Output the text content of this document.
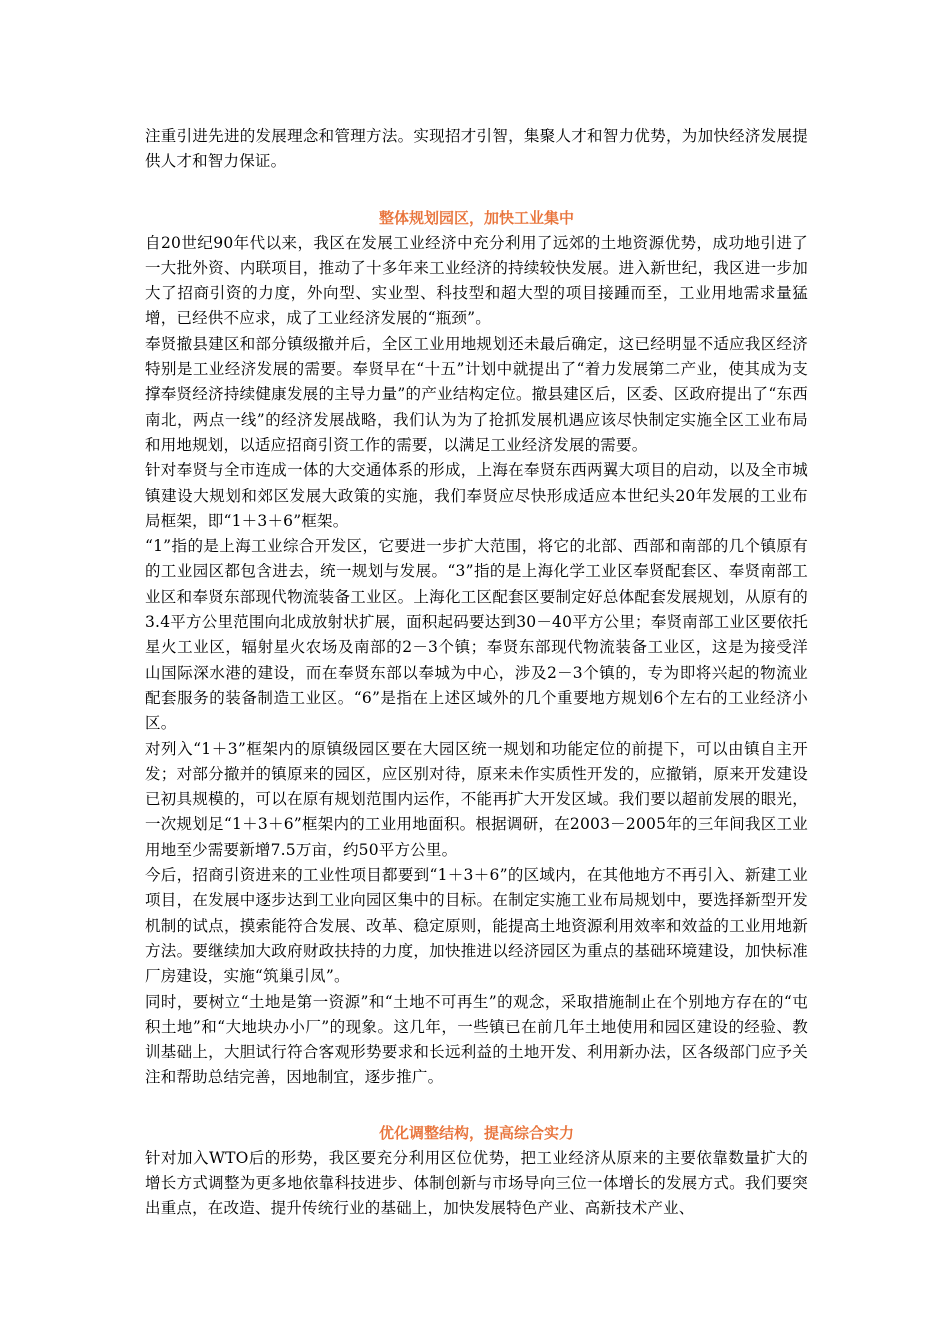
注重引进先进的发展理念和管理方法。实现招才引智，集聚人才和智力优势，为加快经济发展提供人才和智力保证。

整体规划园区，加快工业集中

自20世纪90年代以来，我区在发展工业经济中充分利用了远郊的土地资源优势，成功地引进了一大批外资、内联项目，推动了十多年来工业经济的持续较快发展。进入新世纪，我区进一步加大了招商引资的力度，外向型、实业型、科技型和超大型的项目接踵而至，工业用地需求量猛增，已经供不应求，成了工业经济发展的“瓶颈”。

奉贤撤县建区和部分镇级撤并后，全区工业用地规划还未最后确定，这已经明显不适应我区经济特别是工业经济发展的需要。奉贤早在“十五”计划中就提出了“着力发展第二产业，使其成为支撑奉贤经济持续健康发展的主导力量”的产业结构定位。撤县建区后，区委、区政府提出了“东西南北，两点一线”的经济发展战略，我们认为为了抢抓发展机遇应该尽快制定实施全区工业布局和用地规划，以适应招商引资工作的需要，以满足工业经济发展的需要。

针对奉贤与全市连成一体的大交通体系的形成，上海在奉贤东西两翼大项目的启动，以及全市城镇建设大规划和郊区发展大政策的实施，我们奉贤应尽快形成适应本世纪头20年发展的工业布局框架，即“1＋3＋6”框架。

“1”指的是上海工业综合开发区，它要进一步扩大范围，将它的北部、西部和南部的几个镇原有的工业园区都包含进去，统一规划与发展。“3”指的是上海化学工业区奉贤配套区、奉贤南部工业区和奉贤东部现代物流装备工业区。上海化工区配套区要制定好总体配套发展规划，从原有的3.4平方公里范围向北成放射状扩展，面积起码要达到30－40平方公里；奉贤南部工业区要依托星火工业区，辐射星火农场及南部的2－3个镇；奉贤东部现代物流装备工业区，这是为接受洋山国际深水港的建设，而在奉贤东部以奉城为中心，涉及2－3个镇的，专为即将兴起的物流业配套服务的装备制造工业区。“6”是指在上述区域外的几个重要地方规划6个左右的工业经济小区。

对列入“1＋3”框架内的原镇级园区要在大园区统一规划和功能定位的前提下，可以由镇自主开发；对部分撤并的镇原来的园区，应区别对待，原来未作实质性开发的，应撤销，原来开发建设已初具规模的，可以在原有规划范围内运作，不能再扩大开发区域。我们要以超前发展的眼光，一次规划足“1＋3＋6”框架内的工业用地面积。根据调研，在2003－2005年的三年间我区工业用地至少需要新增7.5万亩，约50平方公里。

今后，招商引资进来的工业性项目都要到“1＋3＋6”的区域内，在其他地方不再引入、新建工业项目，在发展中逐步达到工业向园区集中的目标。在制定实施工业布局规划中，要选择新型开发机制的试点，摸索能符合发展、改革、稳定原则，能提高土地资源利用效率和效益的工业用地新方法。要继续加大政府财政扶持的力度，加快推进以经济园区为重点的基础环境建设，加快标准厂房建设，实施“筑巢引凤”。

同时，要树立“土地是第一资源”和“土地不可再生”的观念，采取措施制止在个别地方存在的“屯积土地”和“大地块办小厂”的现象。这几年，一些镇已在前几年土地使用和园区建设的经验、教训基础上，大胆试行符合客观形势要求和长远利益的土地开发、利用新办法，区各级部门应予关注和帮助总结完善，因地制宜，逐步推广。

优化调整结构，提高综合实力

针对加入WTO后的形势，我区要充分利用区位优势，把工业经济从原来的主要依靠数量扩大的增长方式调整为更多地依靠科技进步、体制创新与市场导向三位一体增长的发展方式。我们要突出重点，在改造、提升传统行业的基础上，加快发展特色产业、高新技术产业、
